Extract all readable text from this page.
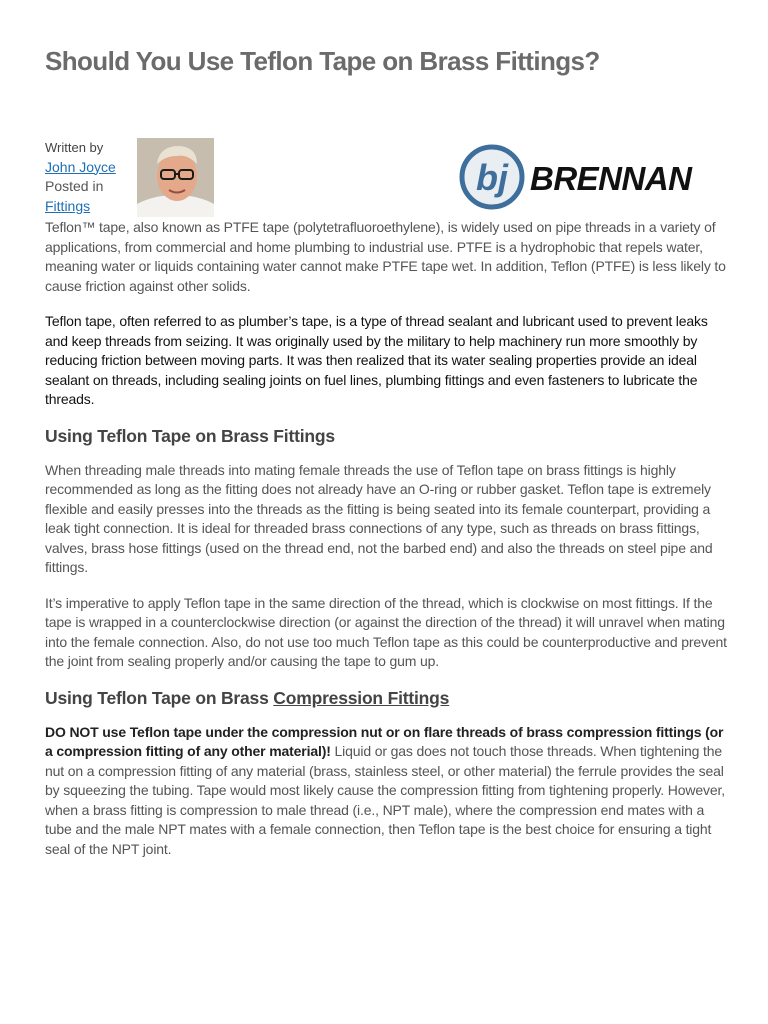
Should You Use Teflon Tape on Brass Fittings?
Written by
John Joyce
Posted in
Fittings
bj BRENNAN

Teflon™ tape, also known as PTFE tape (polytetrafluoroethylene), is widely used on pipe threads in a variety of applications, from commercial and home plumbing to industrial use. PTFE is a hydrophobic that repels water, meaning water or liquids containing water cannot make PTFE tape wet. In addition, Teflon (PTFE) is less likely to cause friction against other solids.

Teflon tape, often referred to as plumber’s tape, is a type of thread sealant and lubricant used to prevent leaks and keep threads from seizing. It was originally used by the military to help machinery run more smoothly by reducing friction between moving parts. It was then realized that its water sealing properties provide an ideal sealant on threads, including sealing joints on fuel lines, plumbing fittings and even fasteners to lubricate the threads.

Using Teflon Tape on Brass Fittings

When threading male threads into mating female threads the use of Teflon tape on brass fittings is highly recommended as long as the fitting does not already have an O-ring or rubber gasket. Teflon tape is extremely flexible and easily presses into the threads as the fitting is being seated into its female counterpart, providing a leak tight connection. It is ideal for threaded brass connections of any type, such as threads on brass fittings, valves, brass hose fittings (used on the thread end, not the barbed end) and also the threads on steel pipe and fittings.

It’s imperative to apply Teflon tape in the same direction of the thread, which is clockwise on most fittings. If the tape is wrapped in a counterclockwise direction (or against the direction of the thread) it will unravel when mating into the female connection. Also, do not use too much Teflon tape as this could be counterproductive and prevent the joint from sealing properly and/or causing the tape to gum up.

Using Teflon Tape on Brass Compression Fittings

DO NOT use Teflon tape under the compression nut or on flare threads of brass compression fittings (or a compression fitting of any other material)! Liquid or gas does not touch those threads. When tightening the nut on a compression fitting of any material (brass, stainless steel, or other material) the ferrule provides the seal by squeezing the tubing. Tape would most likely cause the compression fitting from tightening properly. However, when a brass fitting is compression to male thread (i.e., NPT male), where the compression end mates with a tube and the male NPT mates with a female connection, then Teflon tape is the best choice for ensuring a tight seal of the NPT joint.
